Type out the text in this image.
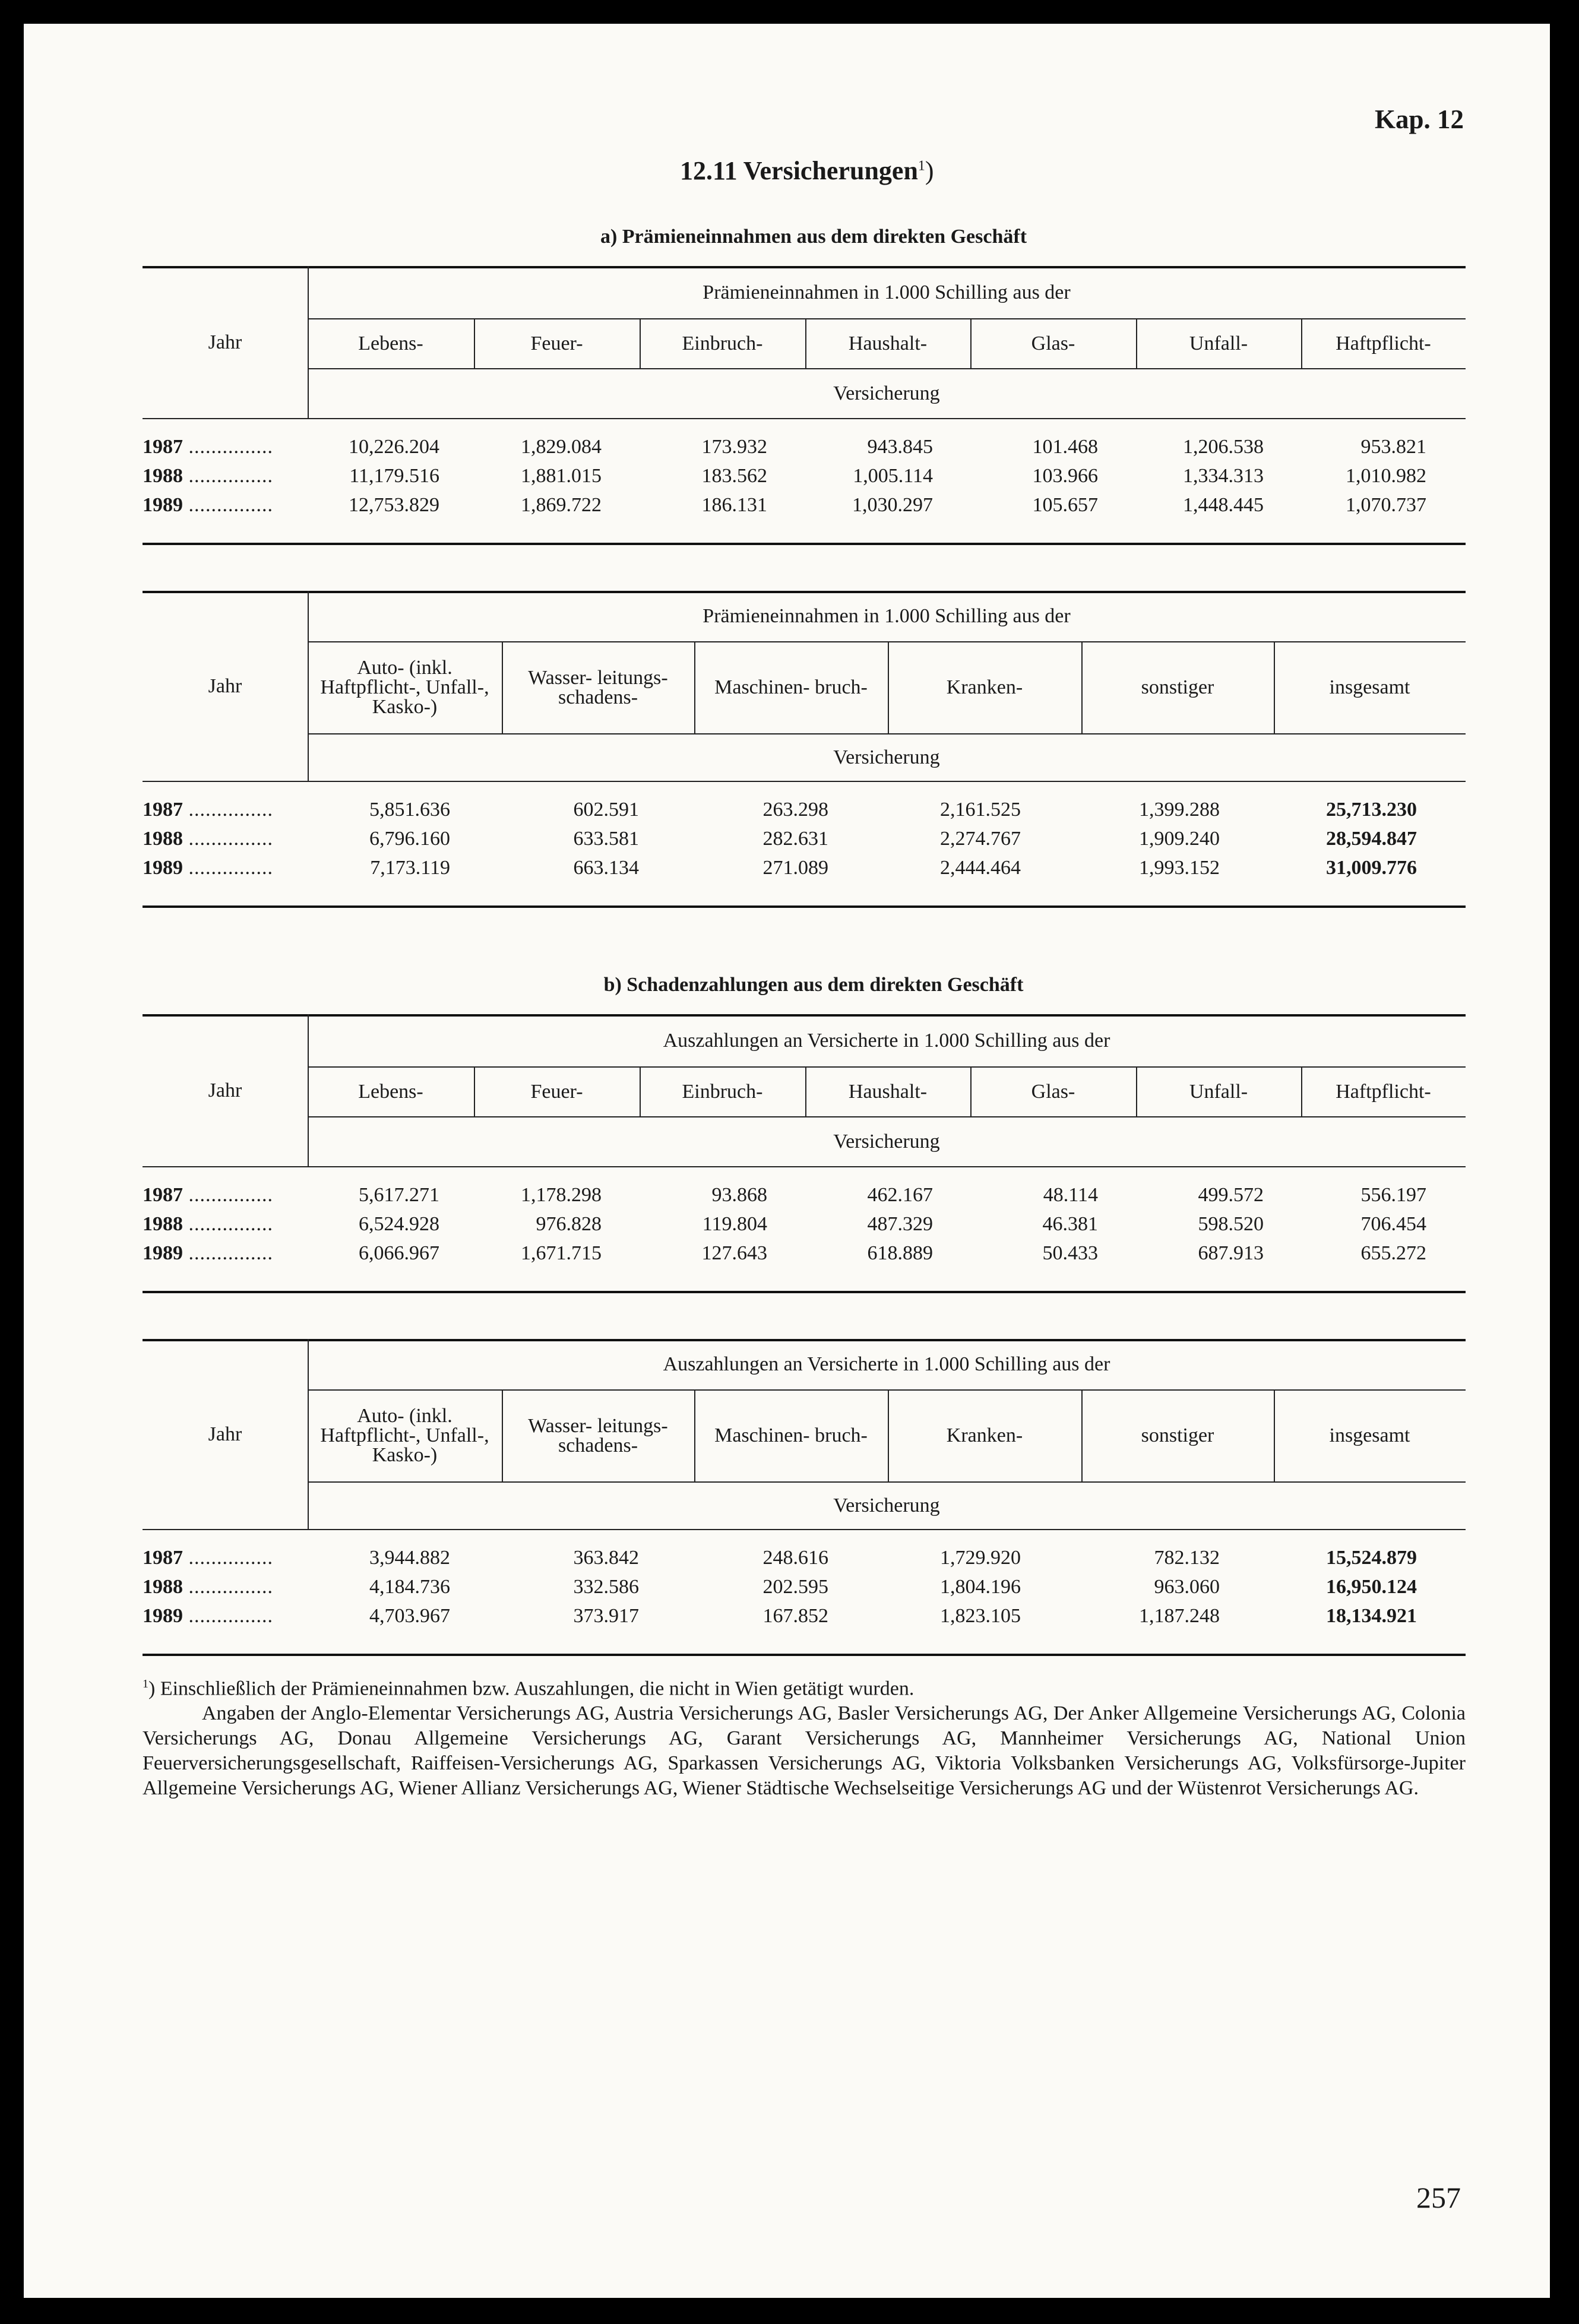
Kap. 12
12.11 Versicherungen$^1$)
a) Prämieneinnahmen aus dem direkten Geschäft
Jahr
Prämieneinnahmen in 1.000 Schilling aus der
Lebens-	Feuer-	Einbruch-	Haushalt-	Glas-	Unfall-	Haftpflicht-
Versicherung
1987 ...............	10,226.204	1,829.084	173.932	943.845	101.468	1,206.538	953.821
1988 ...............	11,179.516	1,881.015	183.562	1,005.114	103.966	1,334.313	1,010.982
1989 ...............	12,753.829	1,869.722	186.131	1,030.297	105.657	1,448.445	1,070.737
Jahr
Prämieneinnahmen in 1.000 Schilling aus der
Auto- (inkl. Haftpflicht-, Unfall-, Kasko-)
Wasser- leitungs- schadens-	Maschinen- bruch-	Kranken-	sonstiger	insgesamt
Versicherung
1987 ...............	5,851.636	602.591	263.298	2,161.525	1,399.288	25,713.230
1988 ...............	6,796.160	633.581	282.631	2,274.767	1,909.240	28,594.847
1989 ...............	7,173.119	663.134	271.089	2,444.464	1,993.152	31,009.776
b) Schadenzahlungen aus dem direkten Geschäft
Jahr
Auszahlungen an Versicherte in 1.000 Schilling aus der
Lebens-	Feuer-	Einbruch-	Haushalt-	Glas-	Unfall-	Haftpflicht-
Versicherung
1987 ...............	5,617.271	1,178.298	93.868	462.167	48.114	499.572	556.197
1988 ...............	6,524.928	976.828	119.804	487.329	46.381	598.520	706.454
1989 ...............	6,066.967	1,671.715	127.643	618.889	50.433	687.913	655.272
Jahr
Auszahlungen an Versicherte in 1.000 Schilling aus der
Auto- (inkl. Haftpflicht-, Unfall-, Kasko-)
Wasser- leitungs- schadens-	Maschinen- bruch-	Kranken-	sonstiger	insgesamt
Versicherung
1987 ...............	3,944.882	363.842	248.616	1,729.920	782.132	15,524.879
1988 ...............	4,184.736	332.586	202.595	1,804.196	963.060	16,950.124
1989 ...............	4,703.967	373.917	167.852	1,823.105	1,187.248	18,134.921

$^1$) Einschließlich der Prämieneinnahmen bzw. Auszahlungen, die nicht in Wien getätigt wurden.

Angaben der Anglo-Elementar Versicherungs AG, Austria Versicherungs AG, Basler Versicherungs AG, Der Anker Allgemeine Versicherungs AG, Colonia Versicherungs AG, Donau Allgemeine Versicherungs AG, Garant Versicherungs AG, Mannheimer Versicherungs AG, National Union Feuerversicherungsgesellschaft, Raiffeisen-Versicherungs AG, Sparkassen Versicherungs AG, Viktoria Volksbanken Versicherungs AG, Volksfürsorge-Jupiter Allgemeine Versicherungs AG, Wiener Allianz Versicherungs AG, Wiener Städtische Wechselseitige Versicherungs AG und der Wüstenrot Versicherungs AG.

257
